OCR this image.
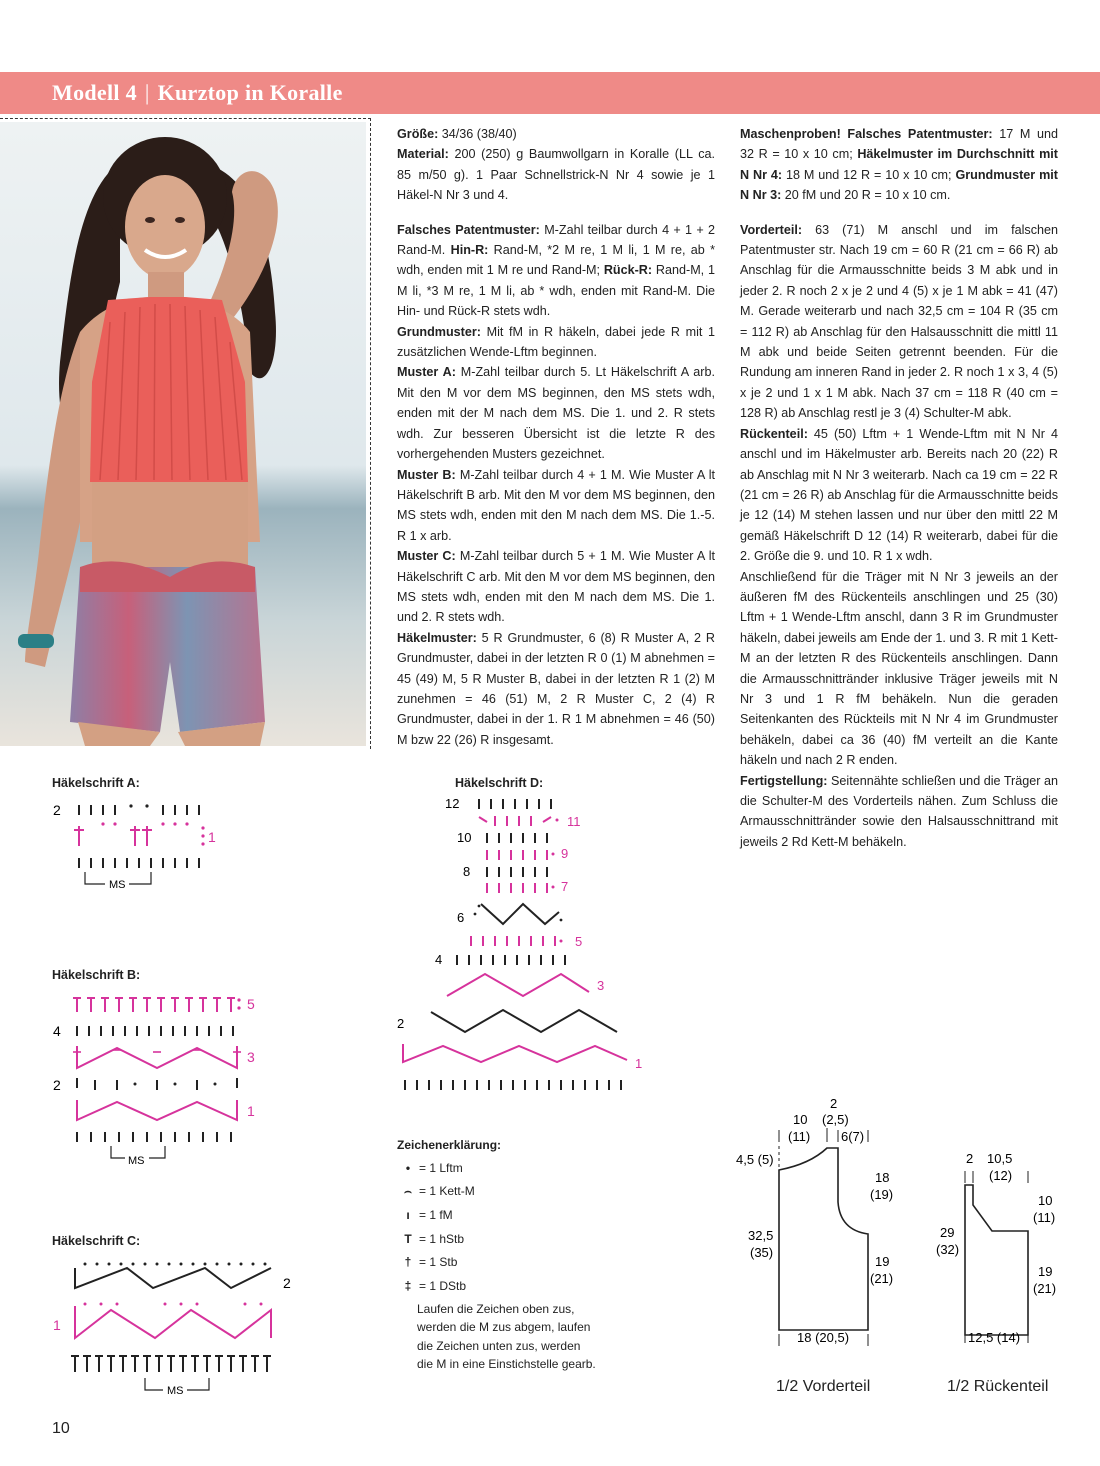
Modell 4 | Kurztop in Koralle

Größe: 34/36 (38/40)

Material: 200 (250) g Baumwollgarn in Koralle (LL ca. 85 m/50 g). 1 Paar Schnellstrick-N Nr 4 sowie je 1 Häkel-N Nr 3 und 4.

Falsches Patentmuster: M-Zahl teilbar durch 4 + 1 + 2 Rand-M. Hin-R: Rand-M, *2 M re, 1 M li, 1 M re, ab * wdh, enden mit 1 M re und Rand-M; Rück-R: Rand-M, 1 M li, *3 M re, 1 M li, ab * wdh, enden mit Rand-M. Die Hin- und Rück-R stets wdh.

Grundmuster: Mit fM in R häkeln, dabei jede R mit 1 zusätzlichen Wende-Lftm beginnen.

Muster A: M-Zahl teilbar durch 5. Lt Häkelschrift A arb. Mit den M vor dem MS beginnen, den MS stets wdh, enden mit der M nach dem MS. Die 1. und 2. R stets wdh. Zur besseren Übersicht ist die letzte R des vorhergehenden Musters gezeichnet.

Muster B: M-Zahl teilbar durch 4 + 1 M. Wie Muster A lt Häkelschrift B arb. Mit den M vor dem MS beginnen, den MS stets wdh, enden mit den M nach dem MS. Die 1.-5. R 1 x arb.

Muster C: M-Zahl teilbar durch 5 + 1 M. Wie Muster A lt Häkelschrift C arb. Mit den M vor dem MS beginnen, den MS stets wdh, enden mit den M nach dem MS. Die 1. und 2. R stets wdh.

Häkelmuster: 5 R Grundmuster, 6 (8) R Muster A, 2 R Grundmuster, dabei in der letzten R 0 (1) M abnehmen = 45 (49) M, 5 R Muster B, dabei in der letzten R 1 (2) M zunehmen = 46 (51) M, 2 R Muster C, 2 (4) R Grundmuster, dabei in der 1. R 1 M abnehmen = 46 (50) M bzw 22 (26) R insgesamt.

Maschenproben! Falsches Patentmuster: 17 M und 32 R = 10 x 10 cm; Häkelmuster im Durchschnitt mit N Nr 4: 18 M und 12 R = 10 x 10 cm; Grundmuster mit N Nr 3: 20 fM und 20 R = 10 x 10 cm.

Vorderteil: 63 (71) M anschl und im falschen Patentmuster str. Nach 19 cm = 60 R (21 cm = 66 R) ab Anschlag für die Armausschnitte beids 3 M abk und in jeder 2. R noch 2 x je 2 und 4 (5) x je 1 M abk = 41 (47) M. Gerade weiterarb und nach 32,5 cm = 104 R (35 cm = 112 R) ab Anschlag für den Halsausschnitt die mittl 11 M abk und beide Seiten getrennt beenden. Für die Rundung am inneren Rand in jeder 2. R noch 1 x 3, 4 (5) x je 2 und 1 x 1 M abk. Nach 37 cm = 118 R (40 cm = 128 R) ab Anschlag restl je 3 (4) Schulter-M abk.

Rückenteil: 45 (50) Lftm + 1 Wende-Lftm mit N Nr 4 anschl und im Häkelmuster arb. Bereits nach 20 (22) R ab Anschlag mit N Nr 3 weiterarb. Nach ca 19 cm = 22 R (21 cm = 26 R) ab Anschlag für die Armausschnitte beids je 12 (14) M stehen lassen und nur über den mittl 22 M gemäß Häkelschrift D 12 (14) R weiterarb, dabei für die 2. Größe die 9. und 10. R 1 x wdh.

Anschließend für die Träger mit N Nr 3 jeweils an der äußeren fM des Rückenteils anschlingen und 25 (30) Lftm + 1 Wende-Lftm anschl, dann 3 R im Grundmuster häkeln, dabei jeweils am Ende der 1. und 3. R mit 1 Kett-M an der letzten R des Rückenteils anschlingen. Dann die Armausschnittränder inklusive Träger jeweils mit N Nr 3 und 1 R fM behäkeln. Nun die geraden Seitenkanten des Rückteils mit N Nr 4 im Grundmuster behäkeln, dabei ca 36 (40) fM verteilt an die Kante häkeln und nach 2 R enden.

Fertigstellung: Seitennähte schließen und die Träger an die Schulter-M des Vorderteils nähen. Zum Schluss die Armausschnittränder sowie den Halsausschnittrand mit jeweils 2 Rd Kett-M behäkeln.

Häkelschrift A:
Häkelschrift B:
Häkelschrift C:
Häkelschrift D:
2
1
MS
5
4
3
2
1
MS
2
1
MS
12
11
10
9
8
7
6
5
4
3
2
1
Zeichenerklärung:
• = 1 Lftm
⌢ = 1 Kett-M
ı = 1 fM
T = 1 hStb
† = 1 Stb
‡ = 1 DStb
Laufen die Zeichen oben zus, werden die M zus abgem, laufen die Zeichen unten zus, werden die M in eine Einstichstelle gearb.
2
10 (2,5)
(11) 6(7)
4,5 (5)
18
(19)
32,5
(35)
19
(21)
18 (20,5)
1/2 Vorderteil
2 10,5
(12)
10
(11)
29
(32)
19
(21)
12,5 (14)
1/2 Rückenteil
10
